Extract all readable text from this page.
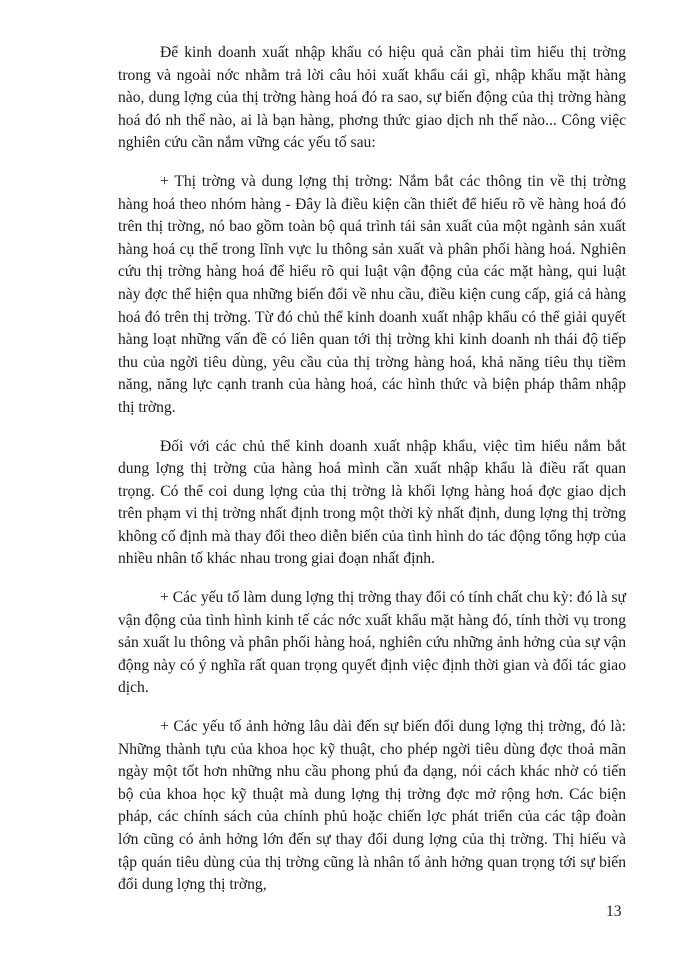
Để kinh doanh xuất nhập khẩu có hiệu quả cần phải tìm hiểu thị trờng trong và ngoài nớc nhằm trả lời câu hỏi xuất khẩu cái gì, nhập khẩu mặt hàng nào, dung lợng của thị trờng hàng hoá đó ra sao, sự biến động của thị trờng hàng hoá đó nh thế nào, ai là bạn hàng, phơng thức giao dịch nh thế nào... Công việc nghiên cứu cần nắm vững các yếu tố sau:

+ Thị trờng và dung lợng thị trờng: Nắm bắt các thông tin về thị trờng hàng hoá theo nhóm hàng - Đây là điều kiện cần thiết để hiểu rõ về hàng hoá đó trên thị trờng, nó bao gồm toàn bộ quá trình tái sản xuất của một ngành sản xuất hàng hoá cụ thể trong lĩnh vực lu thông sản xuất và phân phối hàng hoá. Nghiên cứu thị trờng hàng hoá để hiểu rõ qui luật vận động của các mặt hàng, qui luật này đợc thể hiện qua những biến đổi về nhu cầu, điều kiện cung cấp, giá cả hàng hoá đó trên thị trờng. Từ đó chủ thể kinh doanh xuất nhập khẩu có thể giải quyết hàng loạt những vấn đề có liên quan tới thị trờng khi kinh doanh nh thái độ tiếp thu của ngời tiêu dùng, yêu cầu của thị trờng hàng hoá, khả năng tiêu thụ tiềm năng, năng lực cạnh tranh của hàng hoá, các hình thức và biện pháp thâm nhập thị trờng.

Đối với các chủ thể kinh doanh xuất nhập khẩu, việc tìm hiểu nắm bắt dung lợng thị trờng của hàng hoá mình cần xuất nhập khẩu là điều rất quan trọng. Có thể coi dung lợng của thị trờng là khối lợng hàng hoá đợc giao dịch trên phạm vi thị trờng nhất định trong một thời kỳ nhất định, dung lợng thị trờng không cố định mà thay đổi theo diễn biến của tình hình do tác động tổng hợp của nhiều nhân tố khác nhau trong giai đoạn nhất định.

+ Các yếu tố làm dung lợng thị trờng thay đổi có tính chất chu kỳ: đó là sự vận động của tình hình kinh tế các nớc xuất khẩu mặt hàng đó, tính thời vụ trong sản xuất lu thông và phân phối hàng hoá, nghiên cứu những ảnh hởng của sự vận động này có ý nghĩa rất quan trọng quyết định việc định thời gian và đối tác giao dịch.

+ Các yếu tố ảnh hởng lâu dài đến sự biến đổi dung lợng thị trờng, đó là: Những thành tựu của khoa học kỹ thuật, cho phép ngời tiêu dùng đợc thoả mãn ngày một tốt hơn những nhu cầu phong phú đa dạng, nói cách khác nhờ có tiến bộ của khoa học kỹ thuật mà dung lợng thị trờng đợc mở rộng hơn. Các biện pháp, các chính sách của chính phủ hoặc chiến lợc phát triển của các tập đoàn lớn cũng có ảnh hởng lớn đến sự thay đổi dung lợng của thị trờng. Thị hiếu và tập quán tiêu dùng của thị trờng cũng là nhân tố ảnh hởng quan trọng tới sự biến đổi dung lợng thị trờng,

13
